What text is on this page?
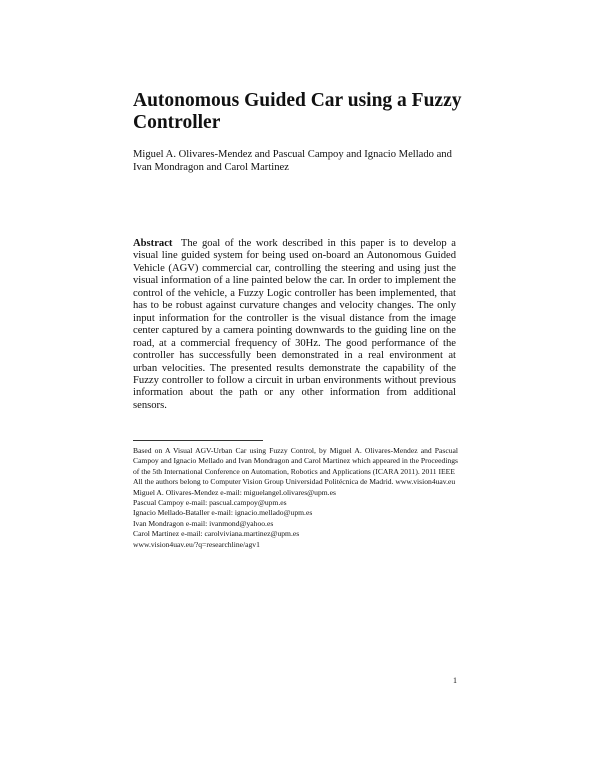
Autonomous Guided Car using a Fuzzy Controller
Miguel A. Olivares-Mendez and Pascual Campoy and Ignacio Mellado and Ivan Mondragon and Carol Martinez
Abstract The goal of the work described in this paper is to develop a visual line guided system for being used on-board an Autonomous Guided Vehicle (AGV) commercial car, controlling the steering and using just the visual information of a line painted below the car. In order to implement the control of the vehicle, a Fuzzy Logic controller has been implemented, that has to be robust against curvature changes and velocity changes. The only input information for the controller is the visual distance from the image center captured by a camera pointing downwards to the guiding line on the road, at a commercial frequency of 30Hz. The good performance of the controller has successfully been demonstrated in a real environment at urban velocities. The presented results demonstrate the capability of the Fuzzy controller to follow a circuit in urban environments without previous information about the path or any other information from additional sensors.
Based on A Visual AGV-Urban Car using Fuzzy Control, by Miguel A. Olivares-Mendez and Pascual Campoy and Ignacio Mellado and Ivan Mondragon and Carol Martinez which appeared in the Proceedings of the 5th International Conference on Automation, Robotics and Applications (ICARA 2011). 2011 IEEE
All the authors belong to Computer Vision Group Universidad Politécnica de Madrid. www.vision4uav.eu
Miguel A. Olivares-Mendez e-mail: miguelangel.olivares@upm.es
Pascual Campoy e-mail: pascual.campoy@upm.es
Ignacio Mellado-Bataller e-mail: ignacio.mellado@upm.es
Ivan Mondragon e-mail: ivanmond@yahoo.es
Carol Martinez e-mail: carolviviana.martinez@upm.es
www.vision4uav.eu/?q=researchline/agv1
1
